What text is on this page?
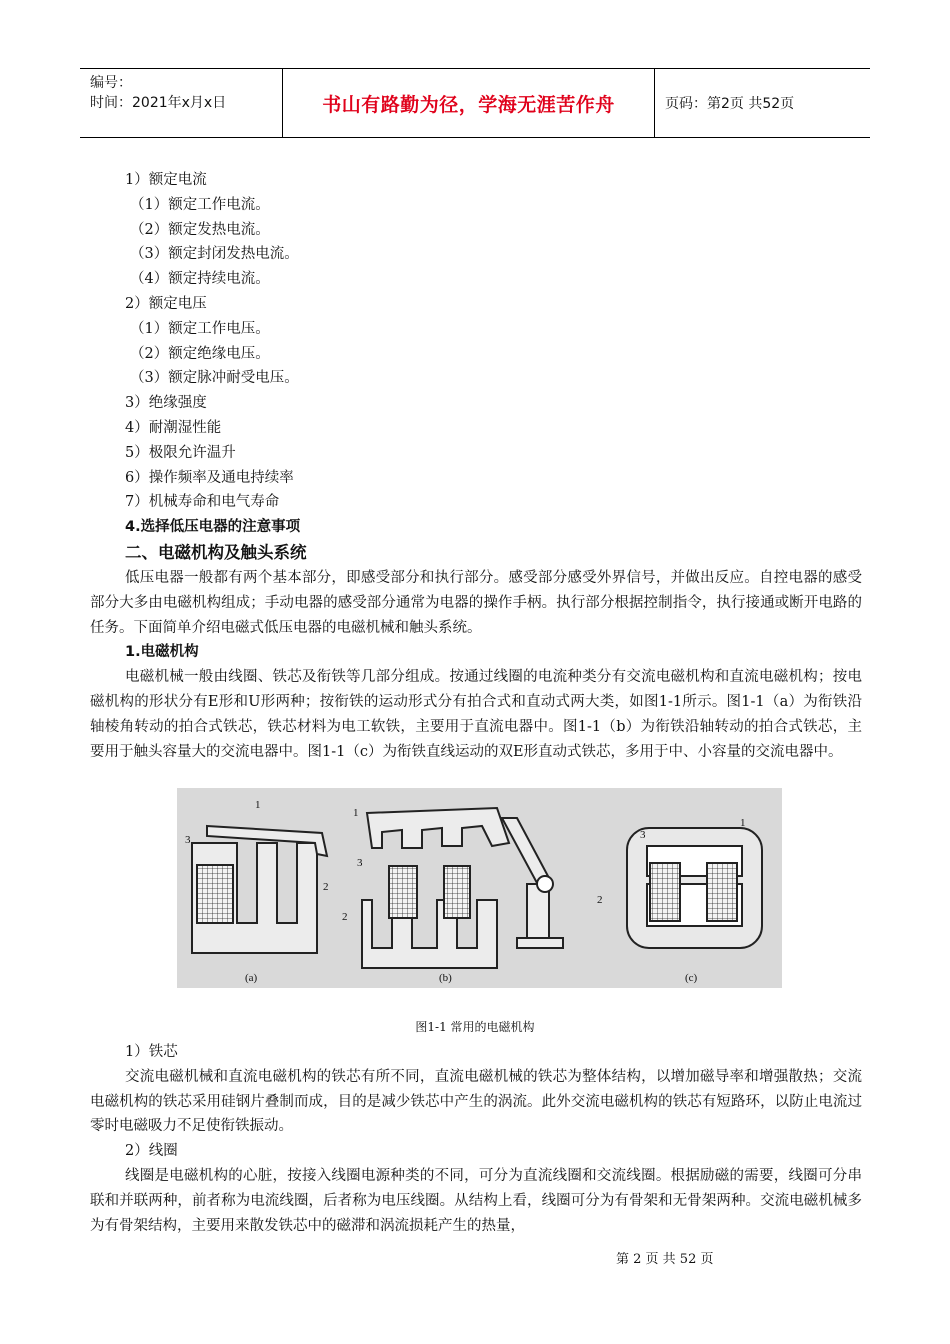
编号：
时间：2021年x月x日	书山有路勤为径，学海无涯苦作舟	页码：第2页 共52页
1）额定电流
（1）额定工作电流。
（2）额定发热电流。
（3）额定封闭发热电流。
（4）额定持续电流。
2）额定电压
（1）额定工作电压。
（2）额定绝缘电压。
（3）额定脉冲耐受电压。
3）绝缘强度
4）耐潮湿性能
5）极限允许温升
6）操作频率及通电持续率
7）机械寿命和电气寿命
4.选择低压电器的注意事项
二、电磁机构及触头系统
低压电器一般都有两个基本部分，即感受部分和执行部分。感受部分感受外界信号，并做出反应。自控电器的感受部分大多由电磁机构组成；手动电器的感受部分通常为电器的操作手柄。执行部分根据控制指令，执行接通或断开电路的任务。下面简单介绍电磁式低压电器的电磁机械和触头系统。
1.电磁机构
电磁机械一般由线圈、铁芯及衔铁等几部分组成。按通过线圈的电流种类分有交流电磁机构和直流电磁机构；按电磁机构的形状分有E形和U形两种；按衔铁的运动形式分有拍合式和直动式两大类，如图1-1所示。图1-1（a）为衔铁沿轴棱角转动的拍合式铁芯，铁芯材料为电工软铁，主要用于直流电器中。图1-1（b）为衔铁沿轴转动的拍合式铁芯，主要用于触头容量大的交流电器中。图1-1（c）为衔铁直线运动的双E形直动式铁芯，多用于中、小容量的交流电器中。
1
3
2
(a)
1
3
2
(b)
1
3
2
(c)
图1-1 常用的电磁机构
1）铁芯
交流电磁机械和直流电磁机构的铁芯有所不同，直流电磁机械的铁芯为整体结构，以增加磁导率和增强散热；交流电磁机构的铁芯采用硅钢片叠制而成，目的是减少铁芯中产生的涡流。此外交流电磁机构的铁芯有短路环，以防止电流过零时电磁吸力不足使衔铁振动。
2）线圈
线圈是电磁机构的心脏，按接入线圈电源种类的不同，可分为直流线圈和交流线圈。根据励磁的需要，线圈可分串联和并联两种，前者称为电流线圈，后者称为电压线圈。从结构上看，线圈可分为有骨架和无骨架两种。交流电磁机械多为有骨架结构，主要用来散发铁芯中的磁滞和涡流损耗产生的热量，
第 2 页 共 52 页
